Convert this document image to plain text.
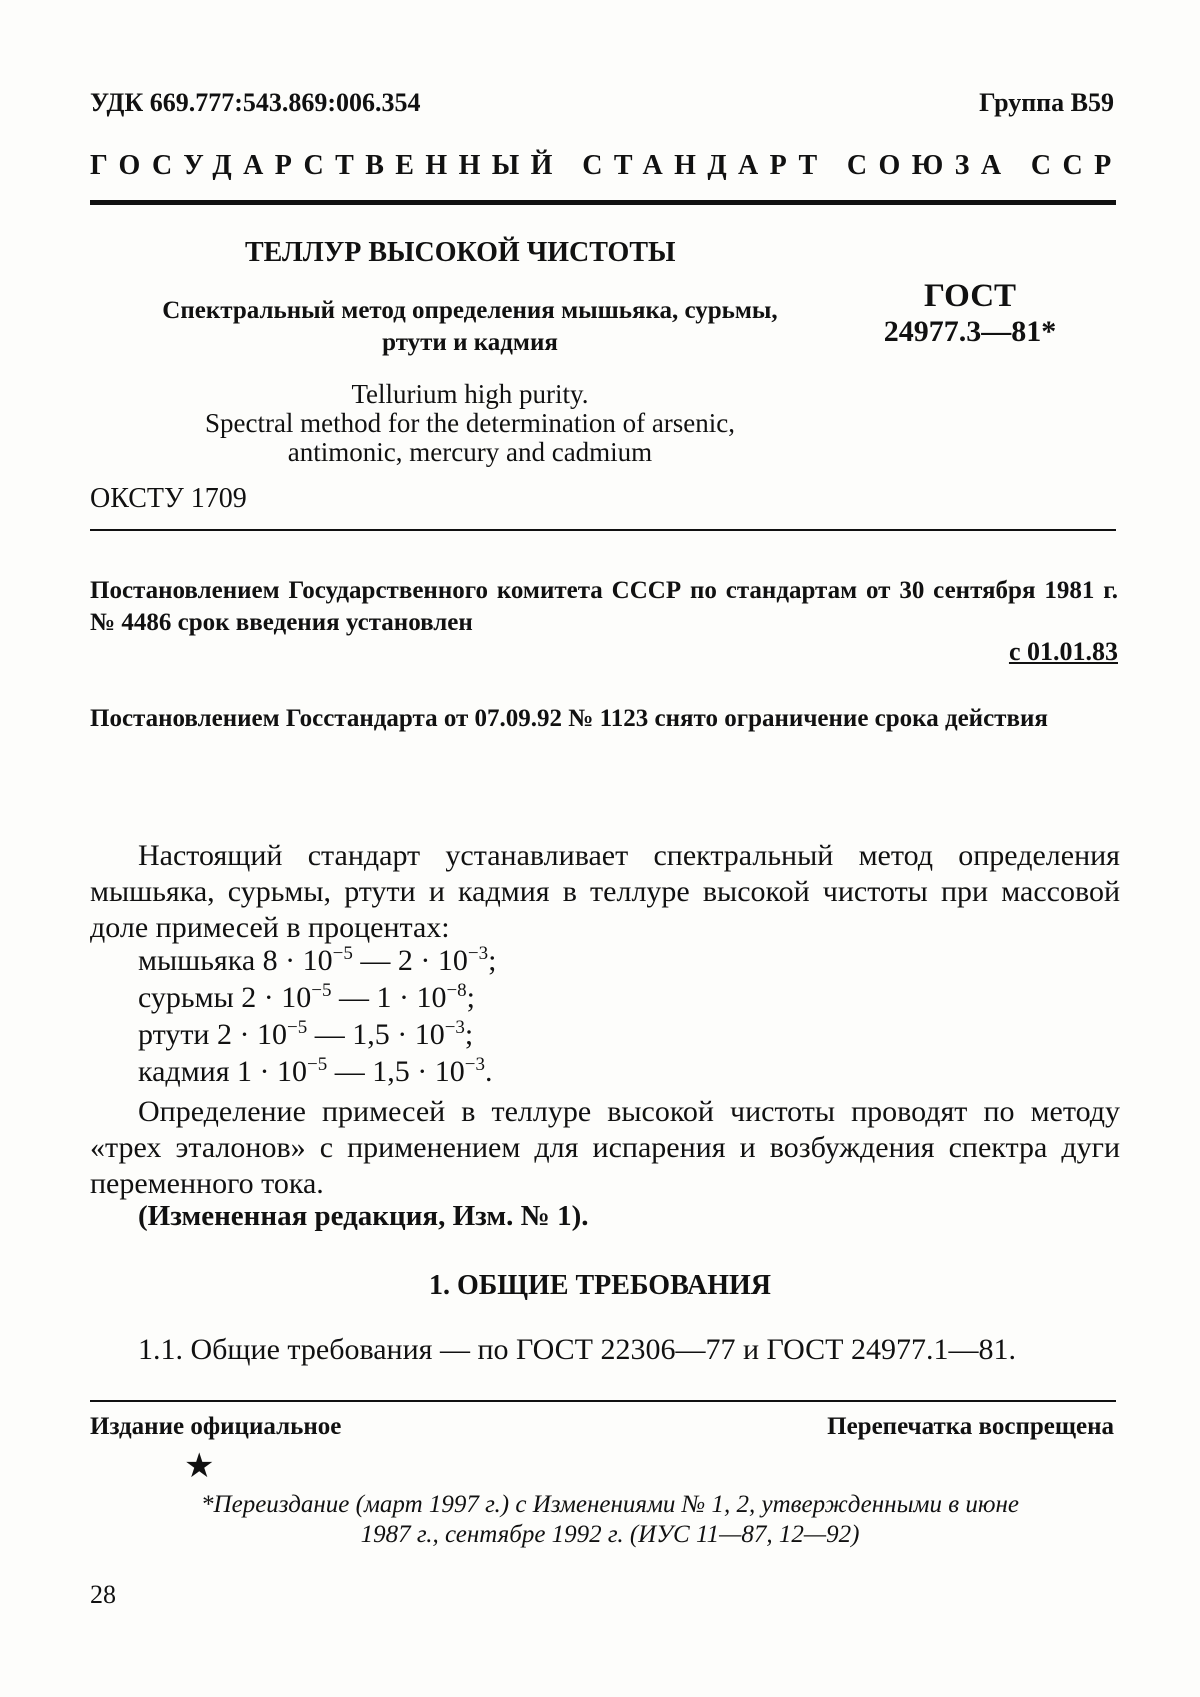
УДК 669.777:543.869:006.354	Группа В59
ГОСУДАРСТВЕННЫЙ СТАНДАРТ СОЮЗА ССР
ТЕЛЛУР ВЫСОКОЙ ЧИСТОТЫ
Спектральный метод определения мышьяка, сурьмы,
ртути и кадмия
ГОСТ
24977.3—81*
Tellurium high purity.
Spectral method for the determination of arsenic,
antimonic, mercury and cadmium
ОКСТУ 1709
Постановлением Государственного комитета СССР по стандартам от 30 сентября 1981 г. № 4486 срок введения установлен
с 01.01.83
Постановлением Госстандарта от 07.09.92 № 1123 снято ограничение срока действия
Настоящий стандарт устанавливает спектральный метод определения мышьяка, сурьмы, ртути и кадмия в теллуре высокой чистоты при массовой доле примесей в процентах:
мышьяка $8 \cdot 10^{-5}$ — $2 \cdot 10^{-3}$;
сурьмы $2 \cdot 10^{-5}$ — $1 \cdot 10^{-8}$;
ртути $2 \cdot 10^{-5}$ — $1,5 \cdot 10^{-3}$;
кадмия $1 \cdot 10^{-5}$ — $1,5 \cdot 10^{-3}$.
Определение примесей в теллуре высокой чистоты проводят по методу «трех эталонов» с применением для испарения и возбуждения спектра дуги переменного тока.
(Измененная редакция, Изм. № 1).
1. ОБЩИЕ ТРЕБОВАНИЯ
1.1. Общие требования — по ГОСТ 22306—77 и ГОСТ 24977.1—81.
Издание официальное	Перепечатка воспрещена
★
*Переиздание (март 1997 г.) с Изменениями № 1, 2, утвержденными в июне
1987 г., сентябре 1992 г. (ИУС 11—87, 12—92)
28
